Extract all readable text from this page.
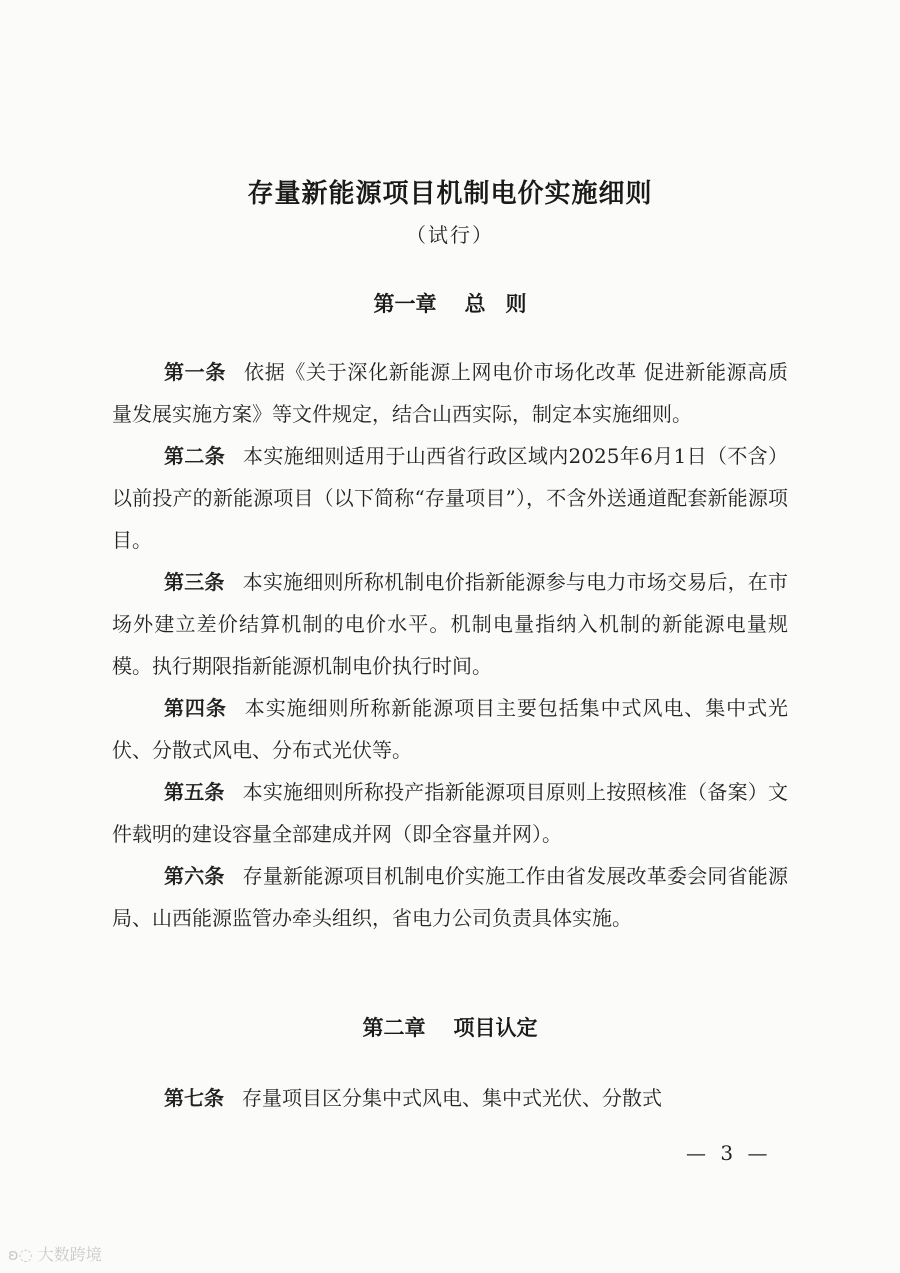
存量新能源项目机制电价实施细则
（试行）
第一章 总 则

第一条 依据《关于深化新能源上网电价市场化改革 促进新能源高质量发展实施方案》等文件规定，结合山西实际，制定本实施细则。

第二条 本实施细则适用于山西省行政区域内2025年6月1日（不含）以前投产的新能源项目（以下简称“存量项目”），不含外送通道配套新能源项目。

第三条 本实施细则所称机制电价指新能源参与电力市场交易后，在市场外建立差价结算机制的电价水平。机制电量指纳入机制的新能源电量规模。执行期限指新能源机制电价执行时间。

第四条 本实施细则所称新能源项目主要包括集中式风电、集中式光伏、分散式风电、分布式光伏等。

第五条 本实施细则所称投产指新能源项目原则上按照核准（备案）文件载明的建设容量全部建成并网（即全容量并网）。

第六条 存量新能源项目机制电价实施工作由省发展改革委会同省能源局、山西能源监管办牵头组织，省电力公司负责具体实施。

第二章 项目认定

第七条 存量项目区分集中式风电、集中式光伏、分散式

— 3 —
ʚ◌ 大数跨境
